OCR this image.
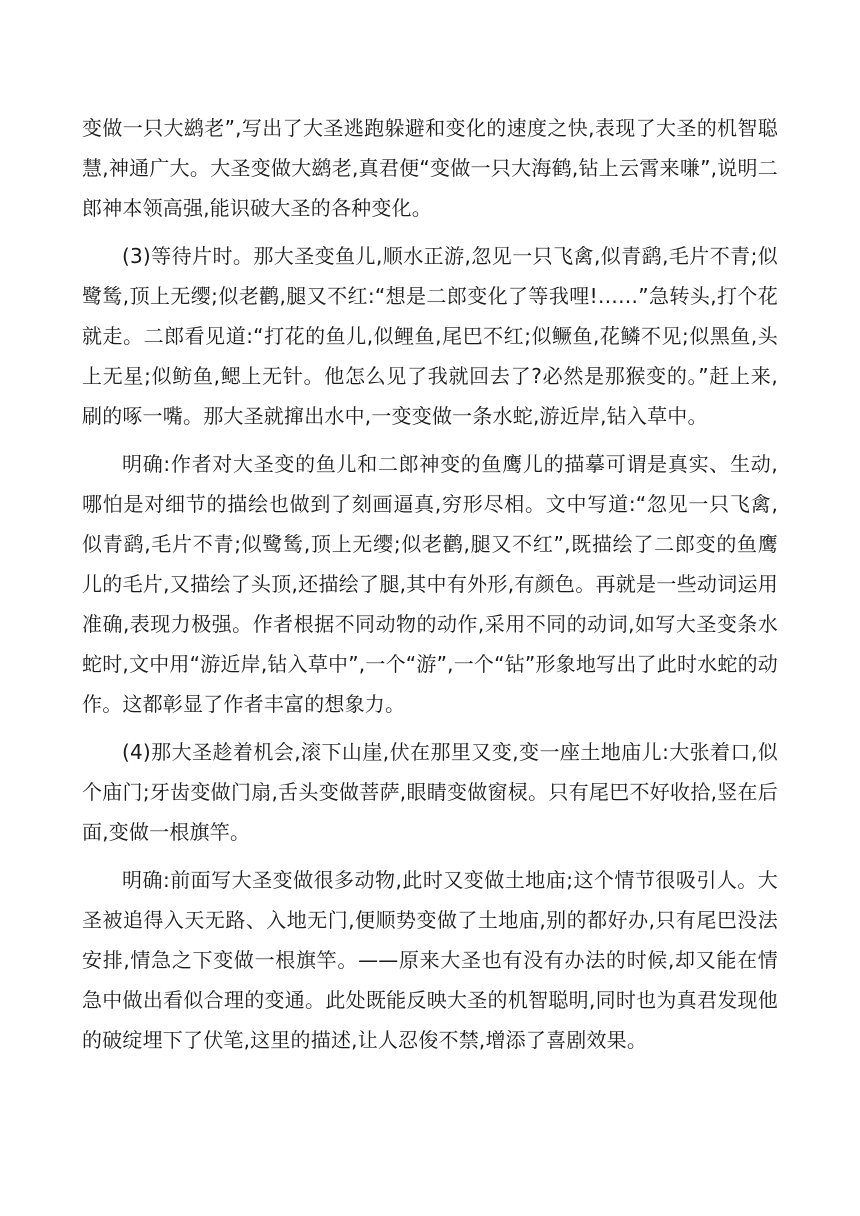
变做一只大鹚老”,写出了大圣逃跑躲避和变化的速度之快,表现了大圣的机智聪慧,神通广大。大圣变做大鹚老,真君便“变做一只大海鹤,钻上云霄来嗛”,说明二郎神本领高强,能识破大圣的各种变化。

(3)等待片时。那大圣变鱼儿,顺水正游,忽见一只飞禽,似青鹞,毛片不青;似鹭鸶,顶上无缨;似老鹳,腿又不红:“想是二郎变化了等我哩!……”急转头,打个花就走。二郎看见道:“打花的鱼儿,似鲤鱼,尾巴不红;似鳜鱼,花鳞不见;似黑鱼,头上无星;似鲂鱼,鳃上无针。他怎么见了我就回去了?必然是那猴变的。”赶上来,刷的啄一嘴。那大圣就撺出水中,一变变做一条水蛇,游近岸,钻入草中。

明确:作者对大圣变的鱼儿和二郎神变的鱼鹰儿的描摹可谓是真实、生动,哪怕是对细节的描绘也做到了刻画逼真,穷形尽相。文中写道:“忽见一只飞禽,似青鹞,毛片不青;似鹭鸶,顶上无缨;似老鹳,腿又不红”,既描绘了二郎变的鱼鹰儿的毛片,又描绘了头顶,还描绘了腿,其中有外形,有颜色。再就是一些动词运用准确,表现力极强。作者根据不同动物的动作,采用不同的动词,如写大圣变条水蛇时,文中用“游近岸,钻入草中”,一个“游”,一个“钻”形象地写出了此时水蛇的动作。这都彰显了作者丰富的想象力。

(4)那大圣趁着机会,滚下山崖,伏在那里又变,变一座土地庙儿:大张着口,似个庙门;牙齿变做门扇,舌头变做菩萨,眼睛变做窗棂。只有尾巴不好收拾,竖在后面,变做一根旗竿。

明确:前面写大圣变做很多动物,此时又变做土地庙;这个情节很吸引人。大圣被追得入天无路、入地无门,便顺势变做了土地庙,别的都好办,只有尾巴没法安排,情急之下变做一根旗竿。——原来大圣也有没有办法的时候,却又能在情急中做出看似合理的变通。此处既能反映大圣的机智聪明,同时也为真君发现他的破绽埋下了伏笔,这里的描述,让人忍俊不禁,增添了喜剧效果。
